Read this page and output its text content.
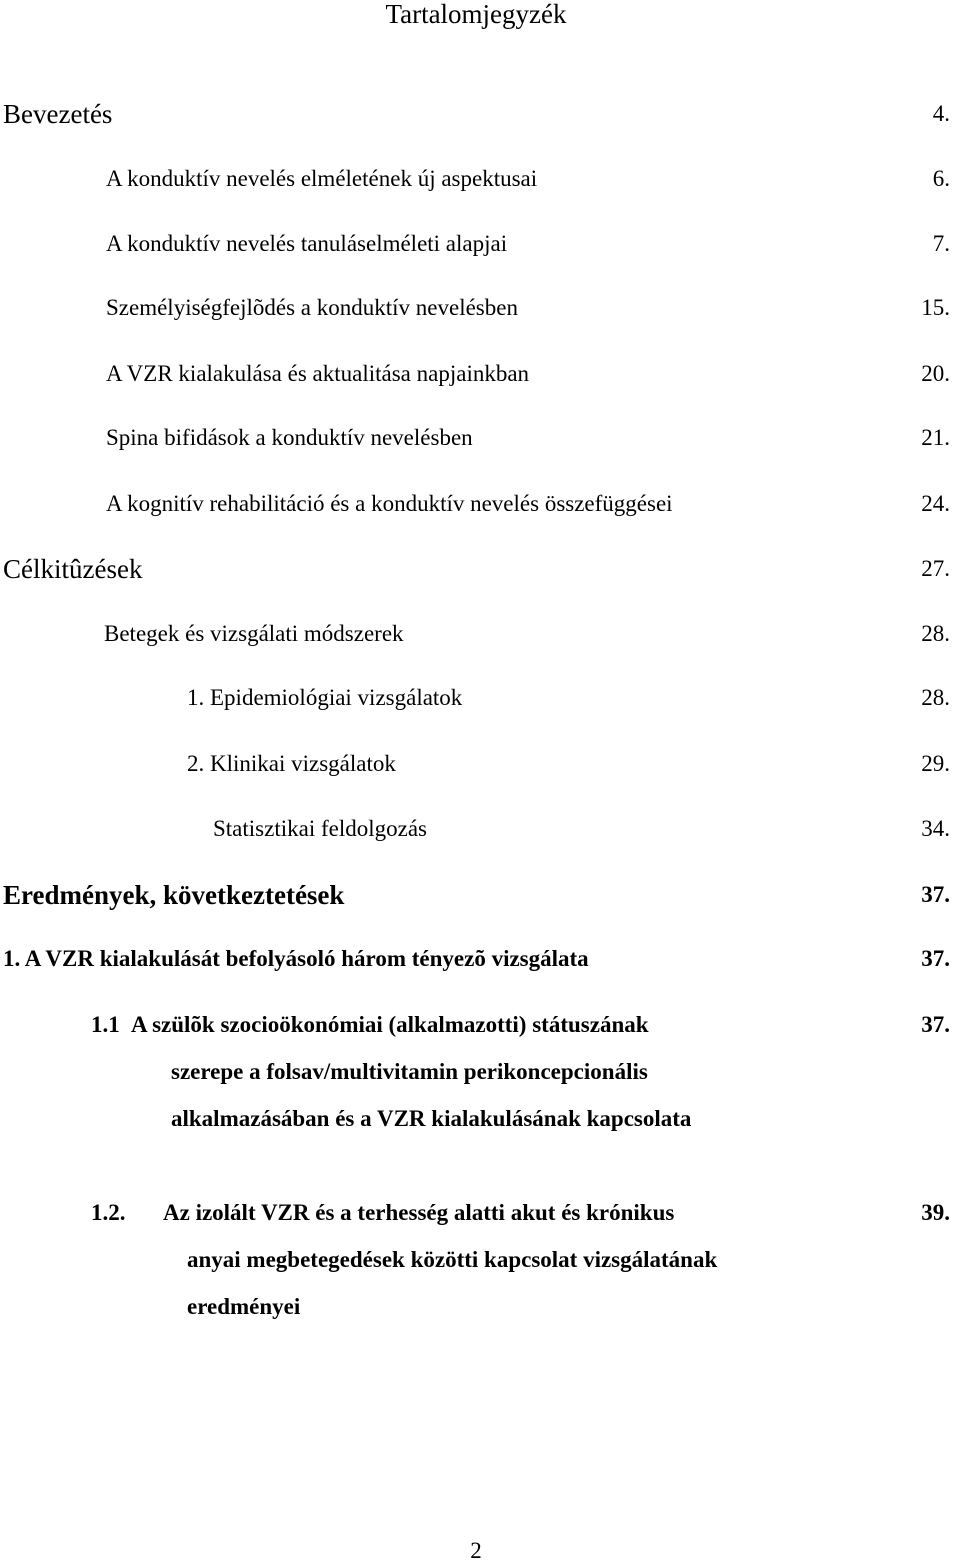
Tartalomjegyzék
Bevezetés	4.
A konduktív nevelés elméletének új aspektusai	6.
A konduktív nevelés tanuláselméleti alapjai	7.
Személyiségfejlõdés a konduktív nevelésben	15.
A VZR kialakulása és aktualitása napjainkban	20.
Spina bifidások a konduktív nevelésben	21.
A kognitív rehabilitáció és a konduktív nevelés összefüggései	24.
Célkitûzések	27.
Betegek és vizsgálati módszerek	28.
1. Epidemiológiai vizsgálatok	28.
2. Klinikai vizsgálatok	29.
Statisztikai feldolgozás	34.
Eredmények, következtetések	37.
1. A VZR kialakulását befolyásoló három tényezõ vizsgálata	37.
1.1 A szülõk szocioökonómiai (alkalmazotti) státuszának
szerepe a folsav/multivitamin perikoncepcionális
alkalmazásában és a VZR kialakulásának kapcsolata
37.
1.2. Az izolált VZR és a terhesség alatti akut és krónikus
anyai megbetegedések közötti kapcsolat vizsgálatának
eredményei
39.
2
